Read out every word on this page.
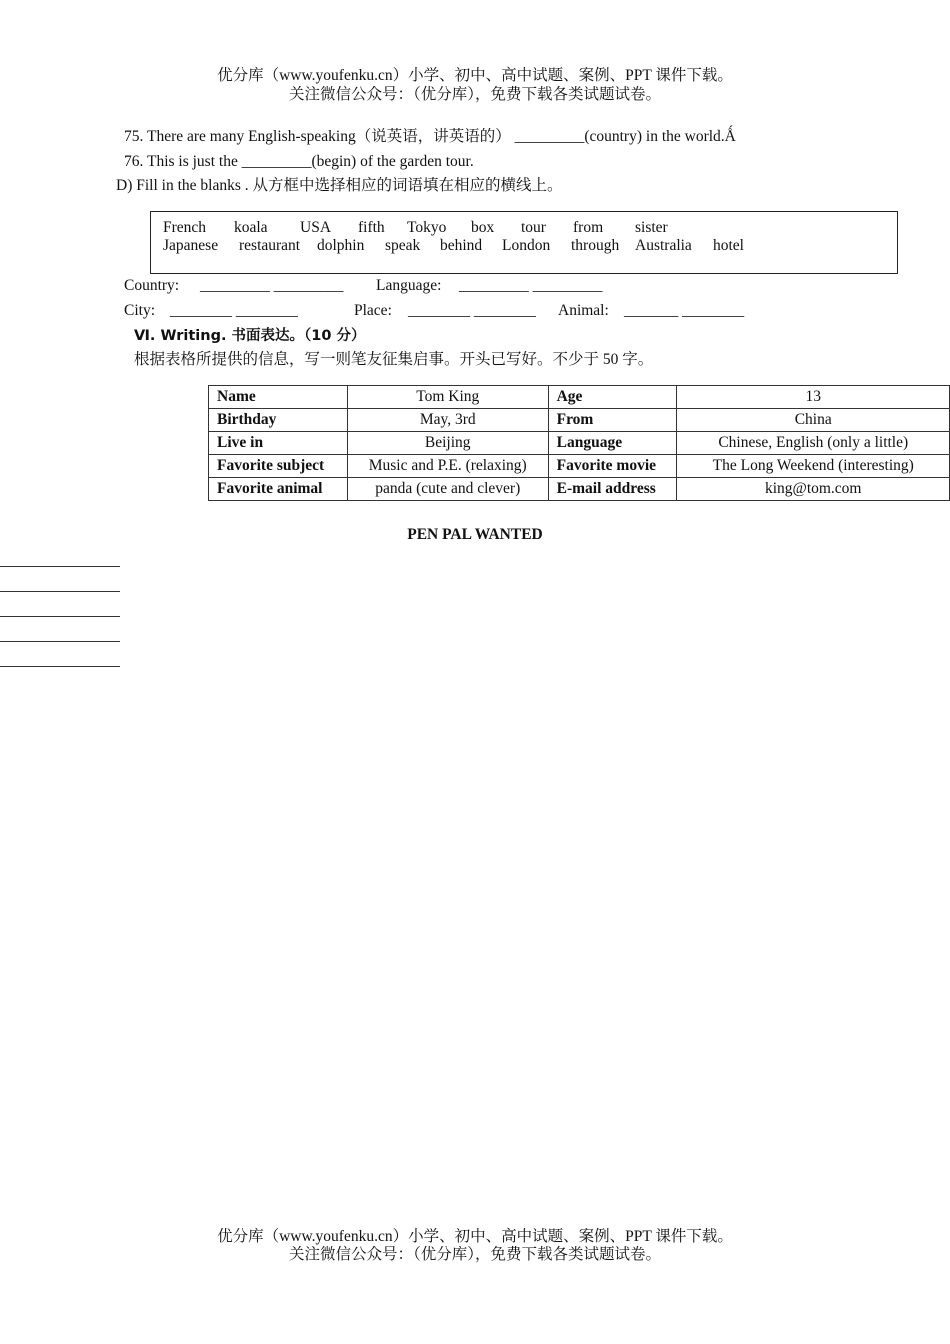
优分库（www.youfenku.cn）小学、初中、高中试题、案例、PPT 课件下载。
关注微信公众号：（优分库），免费下载各类试题试卷。
75. There are many English-speaking（说英语，讲英语的） _________(country) in the world.Ǻ
76. This is just the _________(begin) of the garden tour.
D) Fill in the blanks . 从方框中选择相应的词语填在相应的横线上。
French koala USA fifth Tokyo box tour from sister
Japanese restaurant dolphin speak behind London through Australia hotel
Country: _________ _________ Language: _________ _________
City: ________ ________	Place: ________ ________ Animal: _______ ________
Ⅵ. Writing. 书面表达。（10 分）
根据表格所提供的信息，写一则笔友征集启事。开头已写好。不少于 50 字。
Name	Tom King	Age	13
Birthday	May, 3rd	From	China
Live in	Beijing	Language	Chinese, English (only a little)
Favorite subject	Music and P.E. (relaxing)	Favorite movie	The Long Weekend (interesting)
Favorite animal	panda (cute and clever)	E-mail address	king@tom.com
PEN PAL WANTED
优分库（www.youfenku.cn）小学、初中、高中试题、案例、PPT 课件下载。
关注微信公众号：（优分库），免费下载各类试题试卷。
